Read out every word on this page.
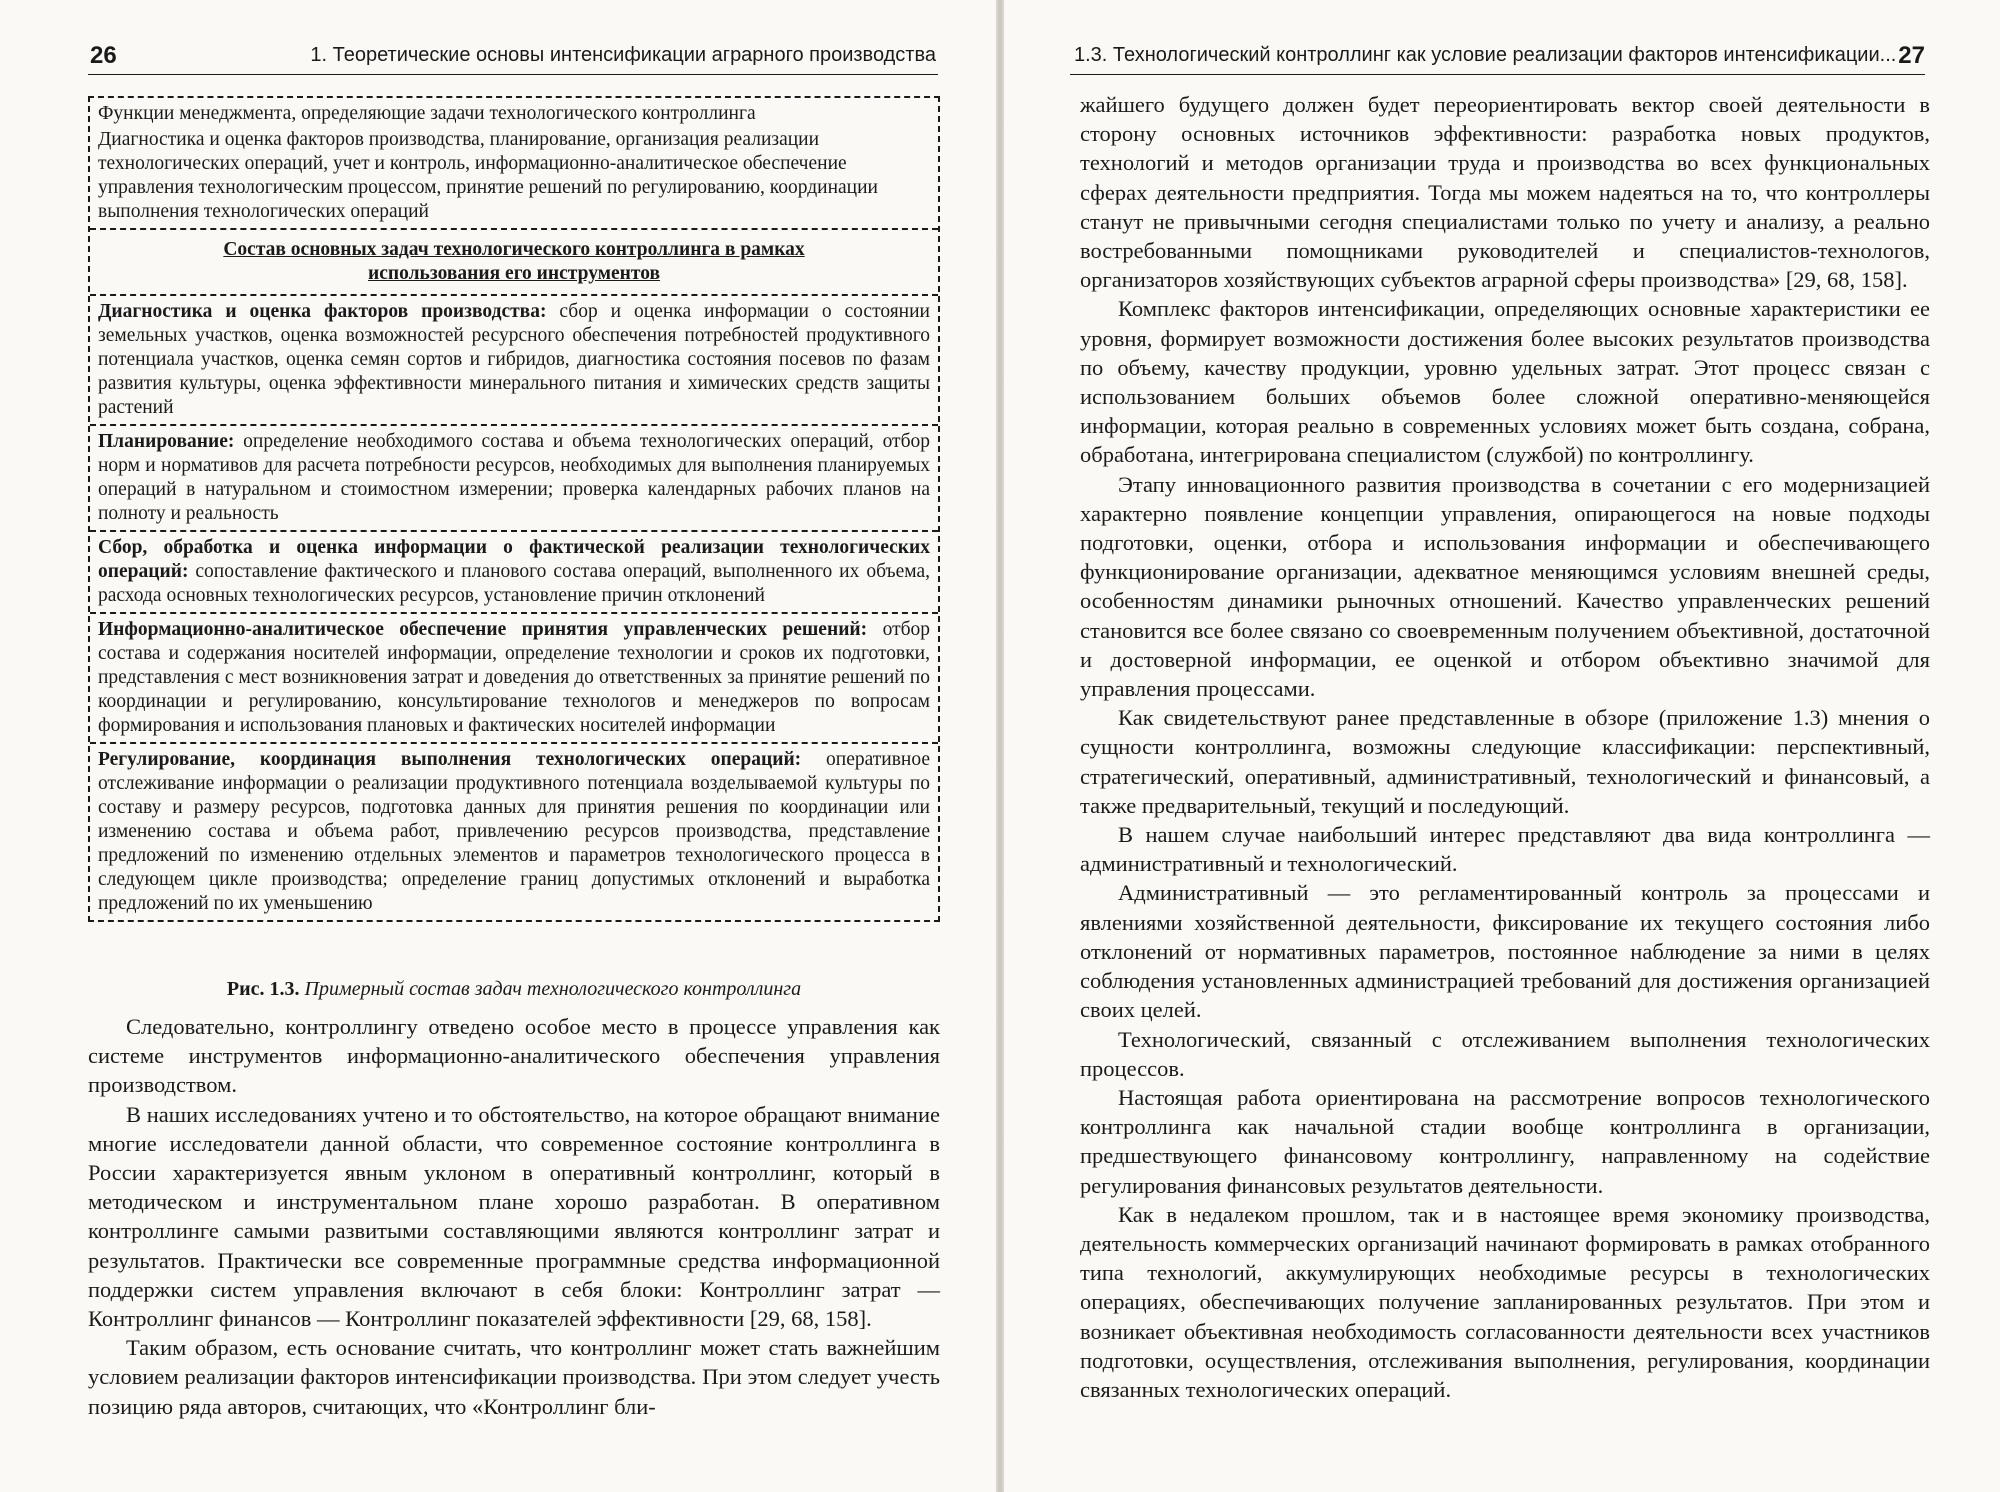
26	1. Теоретические основы интенсификации аграрного производства
Функции менеджмента, определяющие задачи технологического контроллинга
Диагностика и оценка факторов производства, планирование, организация реализации технологических операций, учет и контроль, информационно-аналитическое обеспечение управления технологическим процессом, принятие решений по регулированию, координации выполнения технологических операций
Состав основных задач технологического контроллинга в рамках использования его инструментов
Диагностика и оценка факторов производства: сбор и оценка информации о состоянии земельных участков, оценка возможностей ресурсного обеспечения потребностей продуктивного потенциала участков, оценка семян сортов и гибридов, диагностика состояния посевов по фазам развития культуры, оценка эффективности минерального питания и химических средств защиты растений
Планирование: определение необходимого состава и объема технологических операций, отбор норм и нормативов для расчета потребности ресурсов, необходимых для выполнения планируемых операций в натуральном и стоимостном измерении; проверка календарных рабочих планов на полноту и реальность
Сбор, обработка и оценка информации о фактической реализации технологических операций: сопоставление фактического и планового состава операций, выполненного их объема, расхода основных технологических ресурсов, установление причин отклонений
Информационно-аналитическое обеспечение принятия управленческих решений: отбор состава и содержания носителей информации, определение технологии и сроков их подготовки, представления с мест возникновения затрат и доведения до ответственных за принятие решений по координации и регулированию, консультирование технологов и менеджеров по вопросам формирования и использования плановых и фактических носителей информации
Регулирование, координация выполнения технологических операций: оперативное отслеживание информации о реализации продуктивного потенциала возделываемой культуры по составу и размеру ресурсов, подготовка данных для принятия решения по координации или изменению состава и объема работ, привлечению ресурсов производства, представление предложений по изменению отдельных элементов и параметров технологического процесса в следующем цикле производства; определение границ допустимых отклонений и выработка предложений по их уменьшению
Рис. 1.3. Примерный состав задач технологического контроллинга

Следовательно, контроллингу отведено особое место в процессе управления как системе инструментов информационно-аналитического обеспечения управления производством.

В наших исследованиях учтено и то обстоятельство, на которое обращают внимание многие исследователи данной области, что современное состояние контроллинга в России характеризуется явным уклоном в оперативный контроллинг, который в методическом и инструментальном плане хорошо разработан. В оперативном контроллинге самыми развитыми составляющими являются контроллинг затрат и результатов. Практически все современные программные средства информационной поддержки систем управления включают в себя блоки: Контроллинг затрат — Контроллинг финансов — Контроллинг показателей эффективности [29, 68, 158].

Таким образом, есть основание считать, что контроллинг может стать важнейшим условием реализации факторов интенсификации производства. При этом следует учесть позицию ряда авторов, считающих, что «Контроллинг бли-

1.3. Технологический контроллинг как условие реализации факторов интенсификации... 27

жайшего будущего должен будет переориентировать вектор своей деятельности в сторону основных источников эффективности: разработка новых продуктов, технологий и методов организации труда и производства во всех функциональных сферах деятельности предприятия. Тогда мы можем надеяться на то, что контроллеры станут не привычными сегодня специалистами только по учету и анализу, а реально востребованными помощниками руководителей и специалистов-технологов, организаторов хозяйствующих субъектов аграрной сферы производства» [29, 68, 158].

Комплекс факторов интенсификации, определяющих основные характеристики ее уровня, формирует возможности достижения более высоких результатов производства по объему, качеству продукции, уровню удельных затрат. Этот процесс связан с использованием больших объемов более сложной оперативно-меняющейся информации, которая реально в современных условиях может быть создана, собрана, обработана, интегрирована специалистом (службой) по контроллингу.

Этапу инновационного развития производства в сочетании с его модернизацией характерно появление концепции управления, опирающегося на новые подходы подготовки, оценки, отбора и использования информации и обеспечивающего функционирование организации, адекватное меняющимся условиям внешней среды, особенностям динамики рыночных отношений. Качество управленческих решений становится все более связано со своевременным получением объективной, достаточной и достоверной информации, ее оценкой и отбором объективно значимой для управления процессами.

Как свидетельствуют ранее представленные в обзоре (приложение 1.3) мнения о сущности контроллинга, возможны следующие классификации: перспективный, стратегический, оперативный, административный, технологический и финансовый, а также предварительный, текущий и последующий.

В нашем случае наибольший интерес представляют два вида контроллинга — административный и технологический.

Административный — это регламентированный контроль за процессами и явлениями хозяйственной деятельности, фиксирование их текущего состояния либо отклонений от нормативных параметров, постоянное наблюдение за ними в целях соблюдения установленных администрацией требований для достижения организацией своих целей.

Технологический, связанный с отслеживанием выполнения технологических процессов.

Настоящая работа ориентирована на рассмотрение вопросов технологического контроллинга как начальной стадии вообще контроллинга в организации, предшествующего финансовому контроллингу, направленному на содействие регулирования финансовых результатов деятельности.

Как в недалеком прошлом, так и в настоящее время экономику производства, деятельность коммерческих организаций начинают формировать в рамках отобранного типа технологий, аккумулирующих необходимые ресурсы в технологических операциях, обеспечивающих получение запланированных результатов. При этом и возникает объективная необходимость согласованности деятельности всех участников подготовки, осуществления, отслеживания выполнения, регулирования, координации связанных технологических операций.
